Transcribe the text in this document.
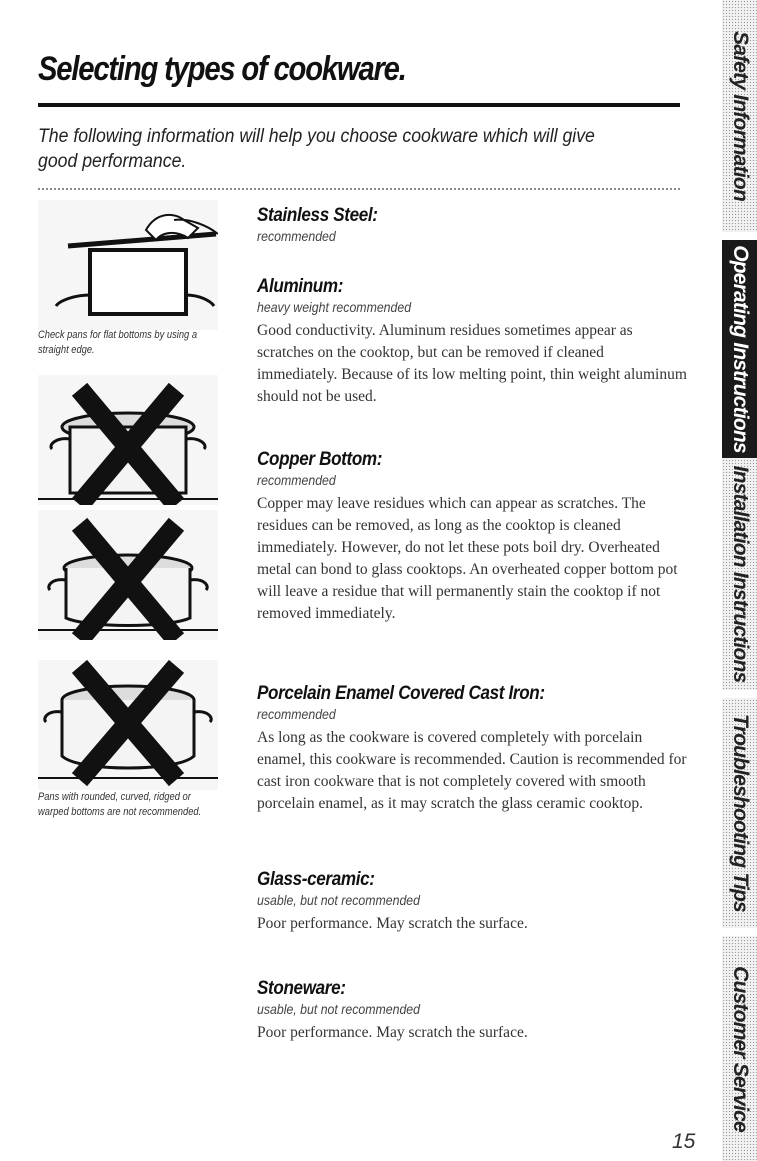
Selecting types of cookware.

The following information will help you choose cookware which will give good performance.

Check pans for flat bottoms by using a straight edge.

Pans with rounded, curved, ridged or warped bottoms are not recommended.

Stainless Steel:

recommended

Aluminum:

heavy weight recommended

Good conductivity. Aluminum residues sometimes appear as scratches on the cooktop, but can be removed if cleaned immediately. Because of its low melting point, thin weight aluminum should not be used.

Copper Bottom:

recommended

Copper may leave residues which can appear as scratches. The residues can be removed, as long as the cooktop is cleaned immediately. However, do not let these pots boil dry. Overheated metal can bond to glass cooktops. An overheated copper bottom pot will leave a residue that will permanently stain the cooktop if not removed immediately.

Porcelain Enamel Covered Cast Iron:

recommended

As long as the cookware is covered completely with porcelain enamel, this cookware is recommended. Caution is recommended for cast iron cookware that is not completely covered with smooth porcelain enamel, as it may scratch the glass ceramic cooktop.

Glass-ceramic:

usable, but not recommended

Poor performance. May scratch the surface.

Stoneware:

usable, but not recommended

Poor performance. May scratch the surface.

Safety Information
Operating Instructions
Installation Instructions
Troubleshooting Tips
Customer Service

15
